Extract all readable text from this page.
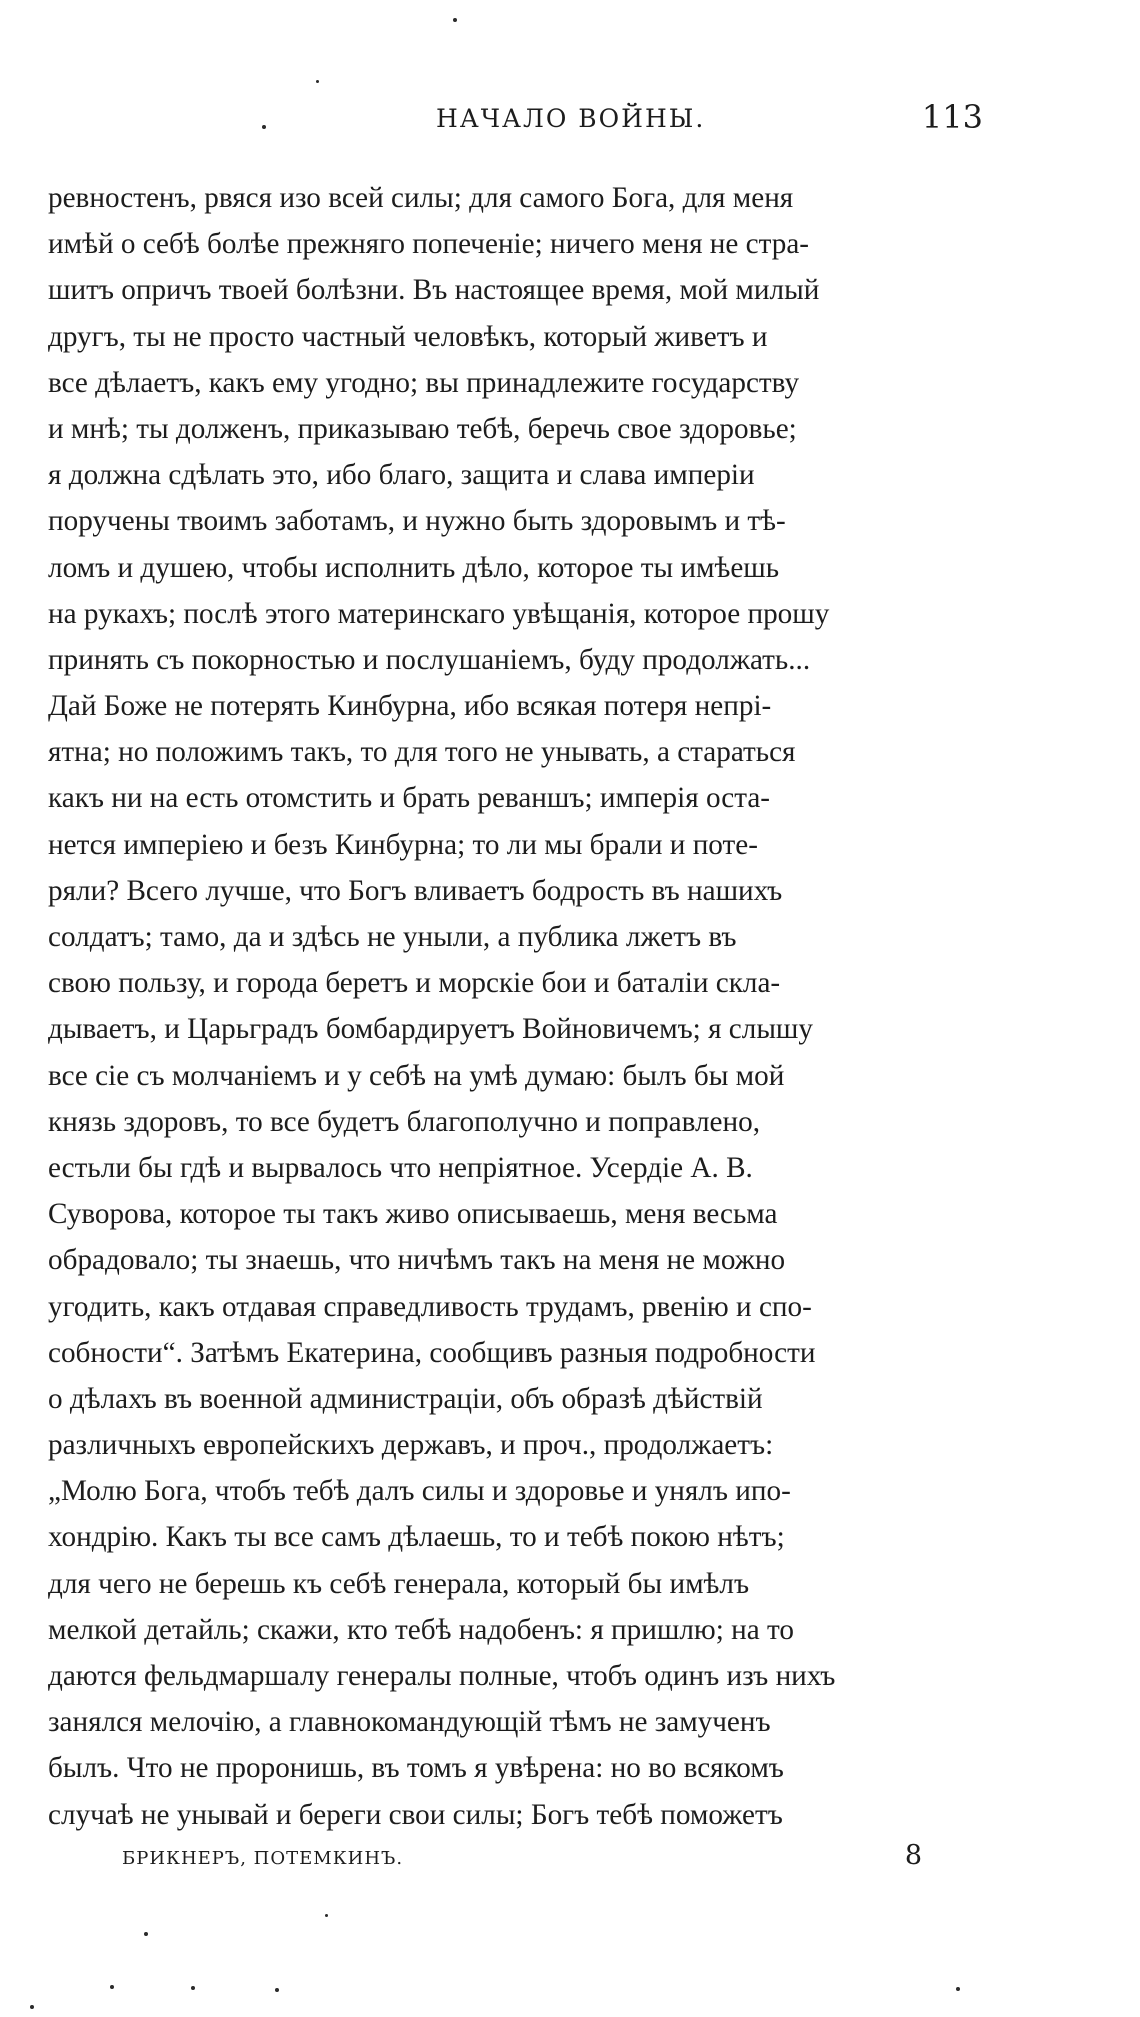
НАЧАЛО ВОЙНЫ.	113
ревностенъ, рвяся изо всей силы; для самого Бога, для меня
имѣй о себѣ болѣе прежняго попеченіе; ничего меня не стра-
шитъ опричъ твоей болѣзни. Въ настоящее время, мой милый
другъ, ты не просто частный человѣкъ, который живетъ и
все дѣлаетъ, какъ ему угодно; вы принадлежите государству
и мнѣ; ты долженъ, приказываю тебѣ, беречь свое здоровье;
я должна сдѣлать это, ибо благо, защита и слава имперіи
поручены твоимъ заботамъ, и нужно быть здоровымъ и тѣ-
ломъ и душею, чтобы исполнить дѣло, которое ты имѣешь
на рукахъ; послѣ этого материнскаго увѣщанія, которое прошу
принять съ покорностью и послушаніемъ, буду продолжать...
Дай Боже не потерять Кинбурна, ибо всякая потеря непрі-
ятна; но положимъ такъ, то для того не унывать, а стараться
какъ ни на есть отомстить и брать реваншъ; имперія оста-
нется имперіею и безъ Кинбурна; то ли мы брали и поте-
ряли? Всего лучше, что Богъ вливаетъ бодрость въ нашихъ
солдатъ; тамо, да и здѣсь не уныли, а публика лжетъ въ
свою пользу, и города беретъ и морскіе бои и баталіи скла-
дываетъ, и Царьградъ бомбардируетъ Войновичемъ; я слышу
все сіе съ молчаніемъ и у себѣ на умѣ думаю: былъ бы мой
князь здоровъ, то все будетъ благополучно и поправлено,
естьли бы гдѣ и вырвалось что непріятное. Усердіе А. В.
Суворова, которое ты такъ живо описываешь, меня весьма
обрадовало; ты знаешь, что ничѣмъ такъ на меня не можно
угодить, какъ отдавая справедливость трудамъ, рвенію и спо-
собности“. Затѣмъ Екатерина, сообщивъ разныя подробности
о дѣлахъ въ военной администраціи, объ образѣ дѣйствій
различныхъ европейскихъ державъ, и проч., продолжаетъ:
„Молю Бога, чтобъ тебѣ далъ силы и здоровье и унялъ ипо-
хондрію. Какъ ты все самъ дѣлаешь, то и тебѣ покою нѣтъ;
для чего не берешь къ себѣ генерала, который бы имѣлъ
мелкой детайль; скажи, кто тебѣ надобенъ: я пришлю; на то
даются фельдмаршалу генералы полные, чтобъ одинъ изъ нихъ
занялся мелочію, а главнокомандующій тѣмъ не замученъ
былъ. Что не проронишь, въ томъ я увѣрена: но во всякомъ
случаѣ не унывай и береги свои силы; Богъ тебѣ поможетъ
БРИКНЕРЪ, ПОТЕМКИНЪ.	8
